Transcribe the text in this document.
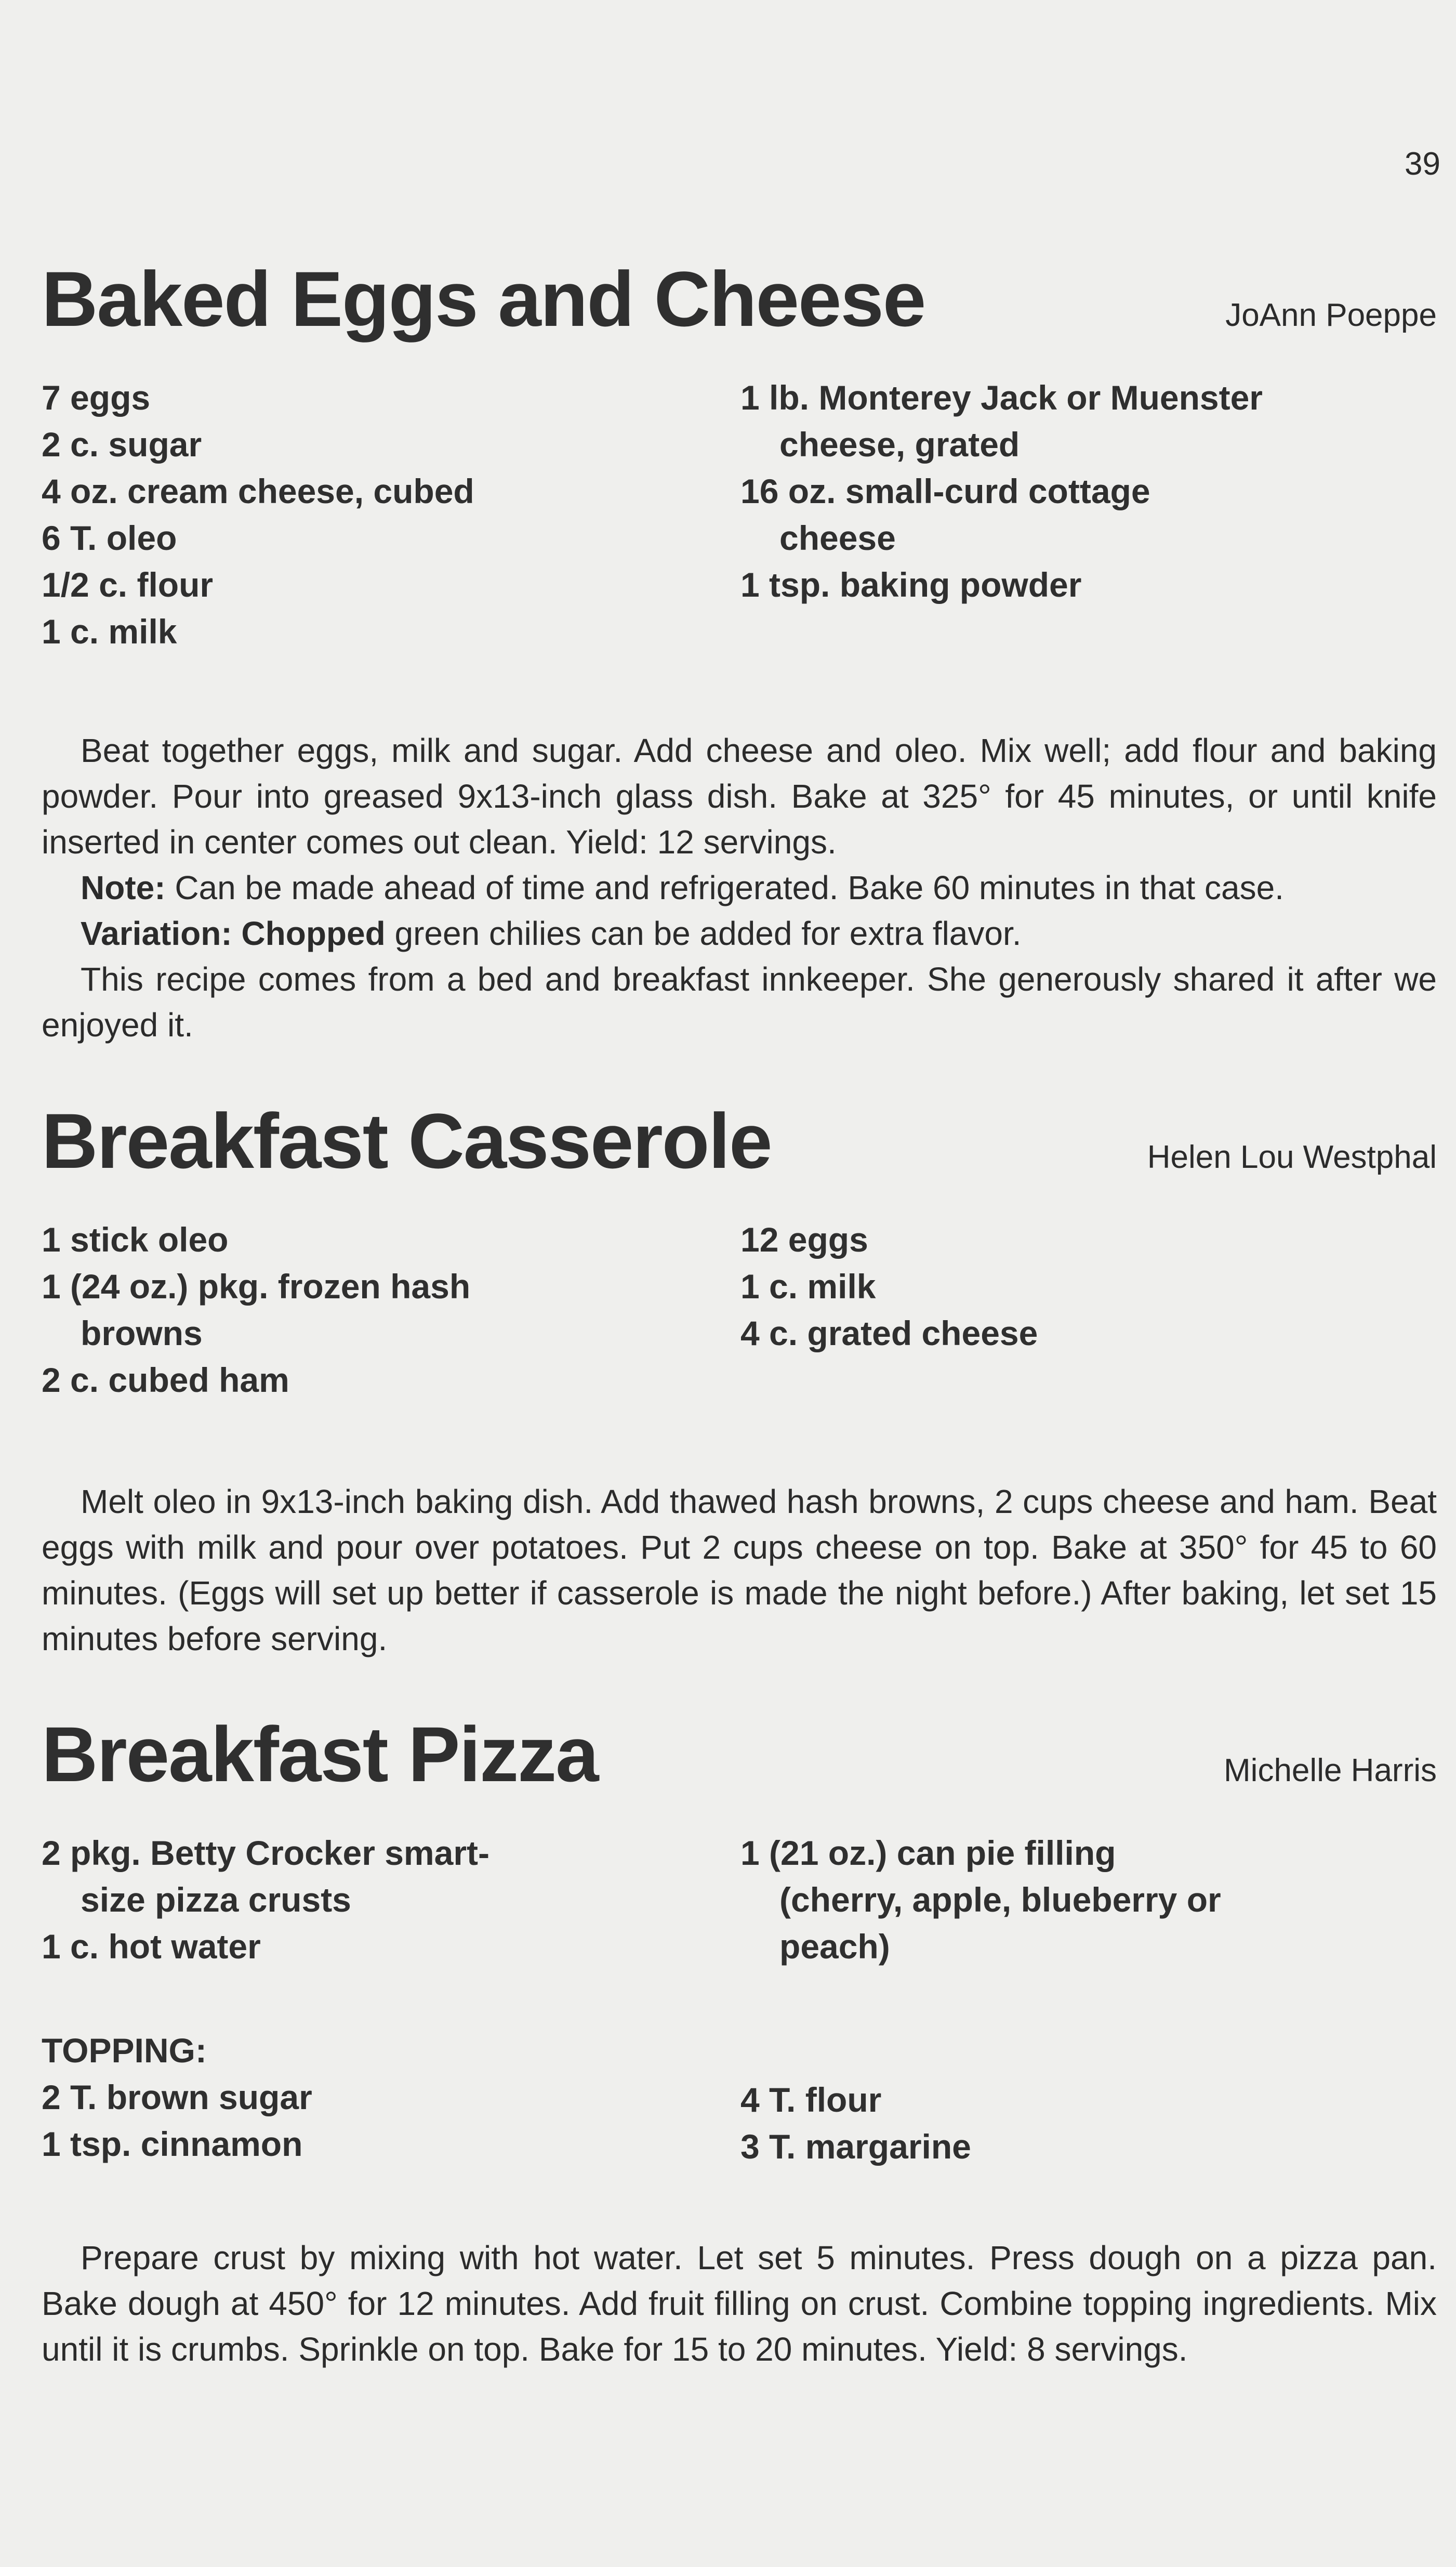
39
Baked Eggs and Cheese	JoAnn Poeppe
7 eggs
2 c. sugar
4 oz. cream cheese, cubed
6 T. oleo
1/2 c. flour
1 c. milk
1 lb. Monterey Jack or Muenster
cheese, grated
16 oz. small-curd cottage
cheese
1 tsp. baking powder

Beat together eggs, milk and sugar. Add cheese and oleo. Mix well; add flour and baking powder. Pour into greased 9x13-inch glass dish. Bake at 325° for 45 minutes, or until knife inserted in center comes out clean. Yield: 12 servings.

Note: Can be made ahead of time and refrigerated. Bake 60 minutes in that case.

Variation: Chopped green chilies can be added for extra flavor.

This recipe comes from a bed and breakfast innkeeper. She generously shared it after we enjoyed it.

Breakfast Casserole	Helen Lou Westphal
1 stick oleo
1 (24 oz.) pkg. frozen hash
browns
2 c. cubed ham
12 eggs
1 c. milk
4 c. grated cheese

Melt oleo in 9x13-inch baking dish. Add thawed hash browns, 2 cups cheese and ham. Beat eggs with milk and pour over potatoes. Put 2 cups cheese on top. Bake at 350° for 45 to 60 minutes. (Eggs will set up better if casserole is made the night before.) After baking, let set 15 minutes before serving.

Breakfast Pizza	Michelle Harris
2 pkg. Betty Crocker smart-
size pizza crusts
1 c. hot water
1 (21 oz.) can pie filling
(cherry, apple, blueberry or
peach)
TOPPING:
2 T. brown sugar
1 tsp. cinnamon
4 T. flour
3 T. margarine

Prepare crust by mixing with hot water. Let set 5 minutes. Press dough on a pizza pan. Bake dough at 450° for 12 minutes. Add fruit filling on crust. Combine topping ingredients. Mix until it is crumbs. Sprinkle on top. Bake for 15 to 20 minutes. Yield: 8 servings.
